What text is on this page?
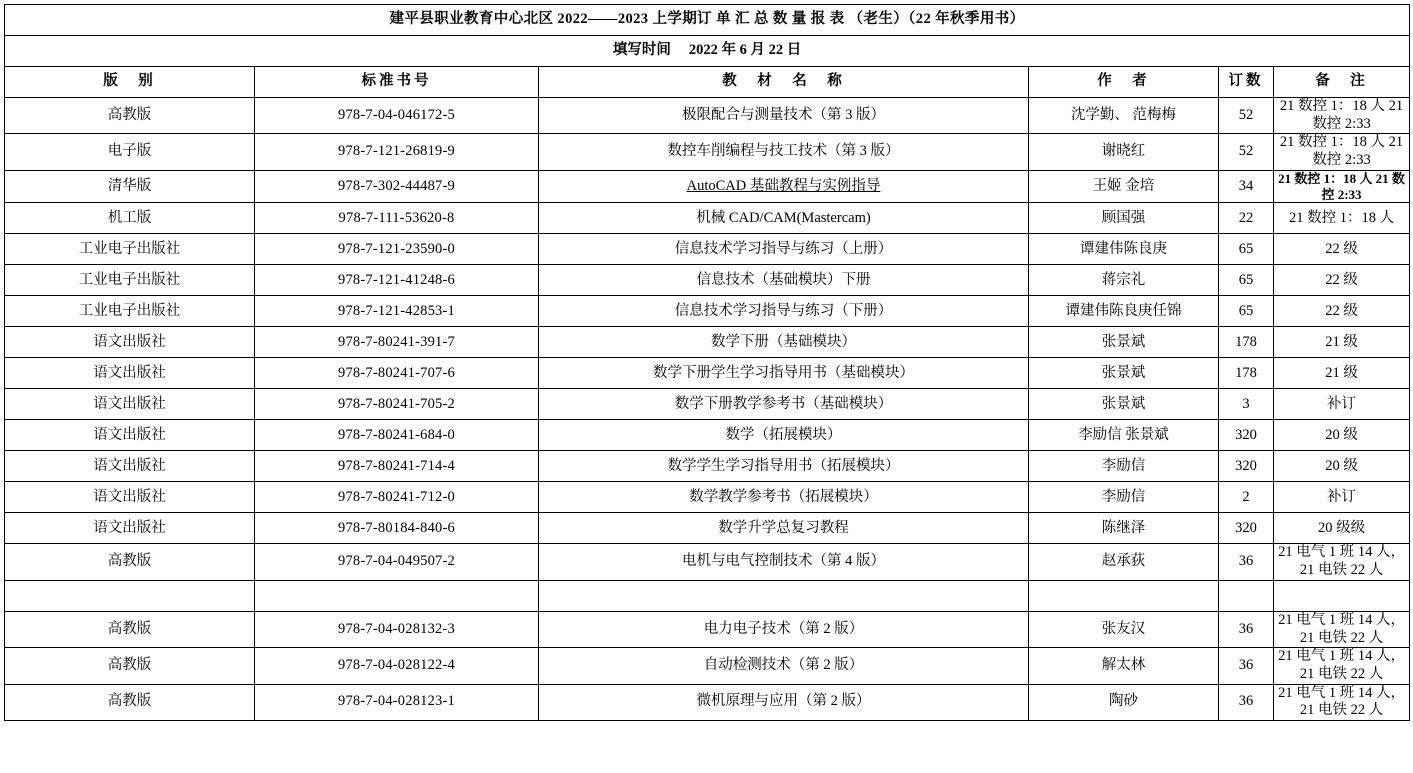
建平县职业教育中心北区 2022——2023 上学期订 单 汇 总 数 量 报 表 （老生）（22 年秋季用书）					
填写时间 2022 年 6 月 22 日					
版　别	标准书号	教　材　名　称	作　者	订数	备　注
高教版	978-7-04-046172-5	极限配合与测量技术（第 3 版）	沈学勤、 范梅梅	52	21 数控 1：18 人 21 数控 2:33
电子版	978-7-121-26819-9	数控车削编程与技工技术（第 3 版）	谢晓红	52	21 数控 1：18 人 21 数控 2:33
清华版	978-7-302-44487-9	AutoCAD 基础教程与实例指导	王姬 金培	34	21 数控 1：18 人 21 数控 2:33
机工版	978-7-111-53620-8	机械 CAD/CAM(Mastercam)	顾国强	22	21 数控 1：18 人
工业电子出版社	978-7-121-23590-0	信息技术学习指导与练习（上册）	谭建伟陈良庚	65	22 级
工业电子出版社	978-7-121-41248-6	信息技术（基础模块）下册	蒋宗礼	65	22 级
工业电子出版社	978-7-121-42853-1	信息技术学习指导与练习（下册）	谭建伟陈良庚任锦	65	22 级
语文出版社	978-7-80241-391-7	数学下册（基础模块）	张景斌	178	21 级
语文出版社	978-7-80241-707-6	数学下册学生学习指导用书（基础模块）	张景斌	178	21 级
语文出版社	978-7-80241-705-2	数学下册教学参考书（基础模块）	张景斌	3	补订
语文出版社	978-7-80241-684-0	数学（拓展模块）	李励信 张景斌	320	20 级
语文出版社	978-7-80241-714-4	数学学生学习指导用书（拓展模块）	李励信	320	20 级
语文出版社	978-7-80241-712-0	数学教学参考书（拓展模块）	李励信	2	补订
语文出版社	978-7-80184-840-6	数学升学总复习教程	陈继泽	320	20 级级
高教版	978-7-04-049507-2	电机与电气控制技术（第 4 版）	赵承荻	36	21 电气 1 班 14 人，21 电铁 22 人

高教版	978-7-04-028132-3	电力电子技术（第 2 版）	张友汉	36	21 电气 1 班 14 人，21 电铁 22 人
高教版	978-7-04-028122-4	自动检测技术（第 2 版）	解太林	36	21 电气 1 班 14 人，21 电铁 22 人
高教版	978-7-04-028123-1	微机原理与应用（第 2 版）	陶砂	36	21 电气 1 班 14 人，21 电铁 22 人
